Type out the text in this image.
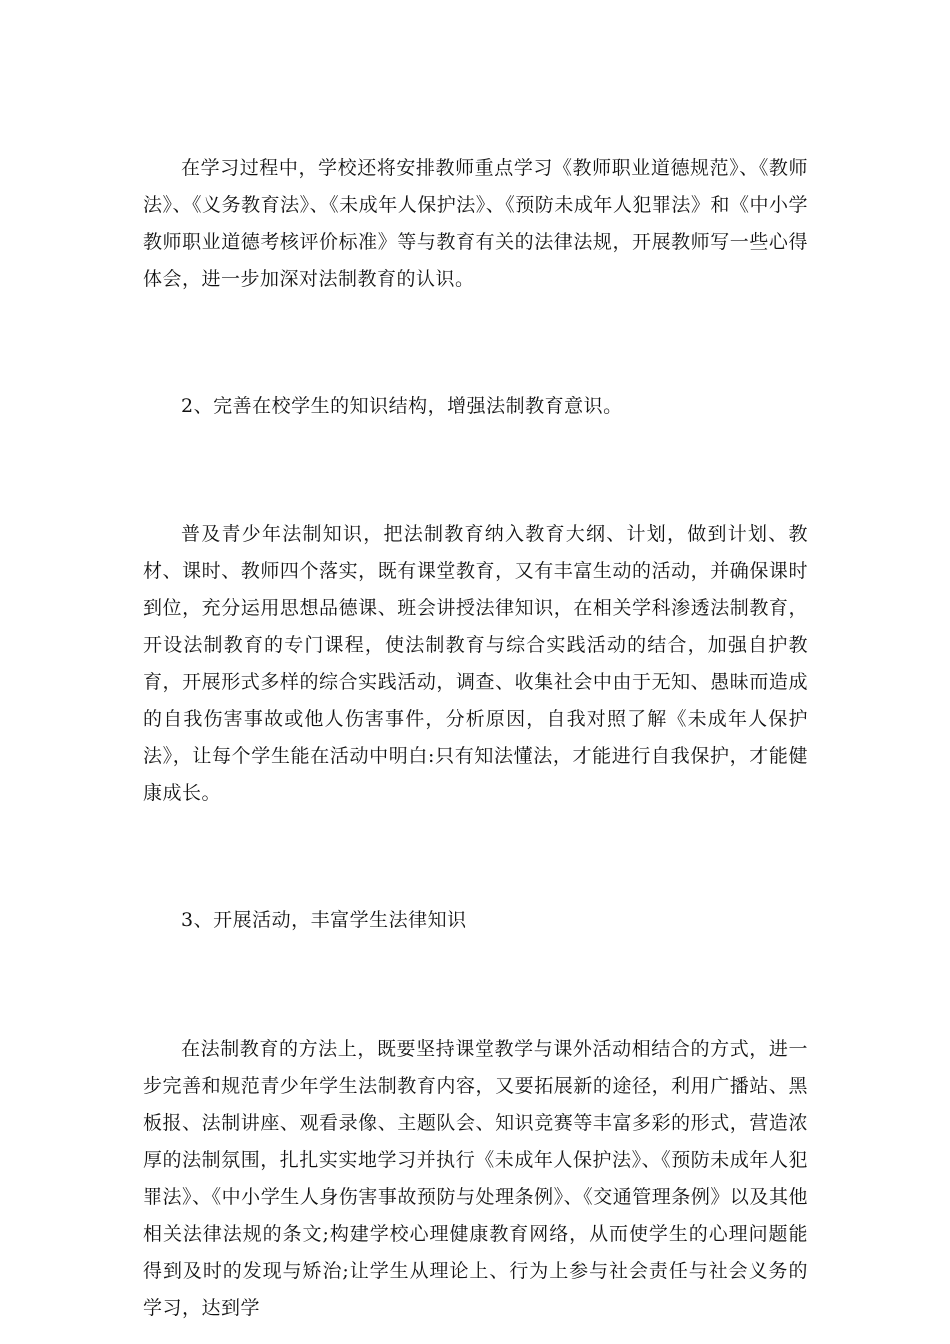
在学习过程中，学校还将安排教师重点学习《教师职业道德规范》、《教师法》、《义务教育法》、《未成年人保护法》、《预防未成年人犯罪法》和《中小学教师职业道德考核评价标准》等与教育有关的法律法规，开展教师写一些心得体会，进一步加深对法制教育的认识。

2、完善在校学生的知识结构，增强法制教育意识。

普及青少年法制知识，把法制教育纳入教育大纲、计划，做到计划、教材、课时、教师四个落实，既有课堂教育，又有丰富生动的活动，并确保课时到位，充分运用思想品德课、班会讲授法律知识，在相关学科渗透法制教育，开设法制教育的专门课程，使法制教育与综合实践活动的结合，加强自护教育，开展形式多样的综合实践活动，调查、收集社会中由于无知、愚昧而造成的自我伤害事故或他人伤害事件，分析原因，自我对照了解《未成年人保护法》，让每个学生能在活动中明白:只有知法懂法，才能进行自我保护，才能健康成长。

3、开展活动，丰富学生法律知识

在法制教育的方法上，既要坚持课堂教学与课外活动相结合的方式，进一步完善和规范青少年学生法制教育内容，又要拓展新的途径，利用广播站、黑板报、法制讲座、观看录像、主题队会、知识竞赛等丰富多彩的形式，营造浓厚的法制氛围，扎扎实实地学习并执行《未成年人保护法》、《预防未成年人犯罪法》、《中小学生人身伤害事故预防与处理条例》、《交通管理条例》以及其他相关法律法规的条文;构建学校心理健康教育网络，从而使学生的心理问题能得到及时的发现与矫治;让学生从理论上、行为上参与社会责任与社会义务的学习，达到学
